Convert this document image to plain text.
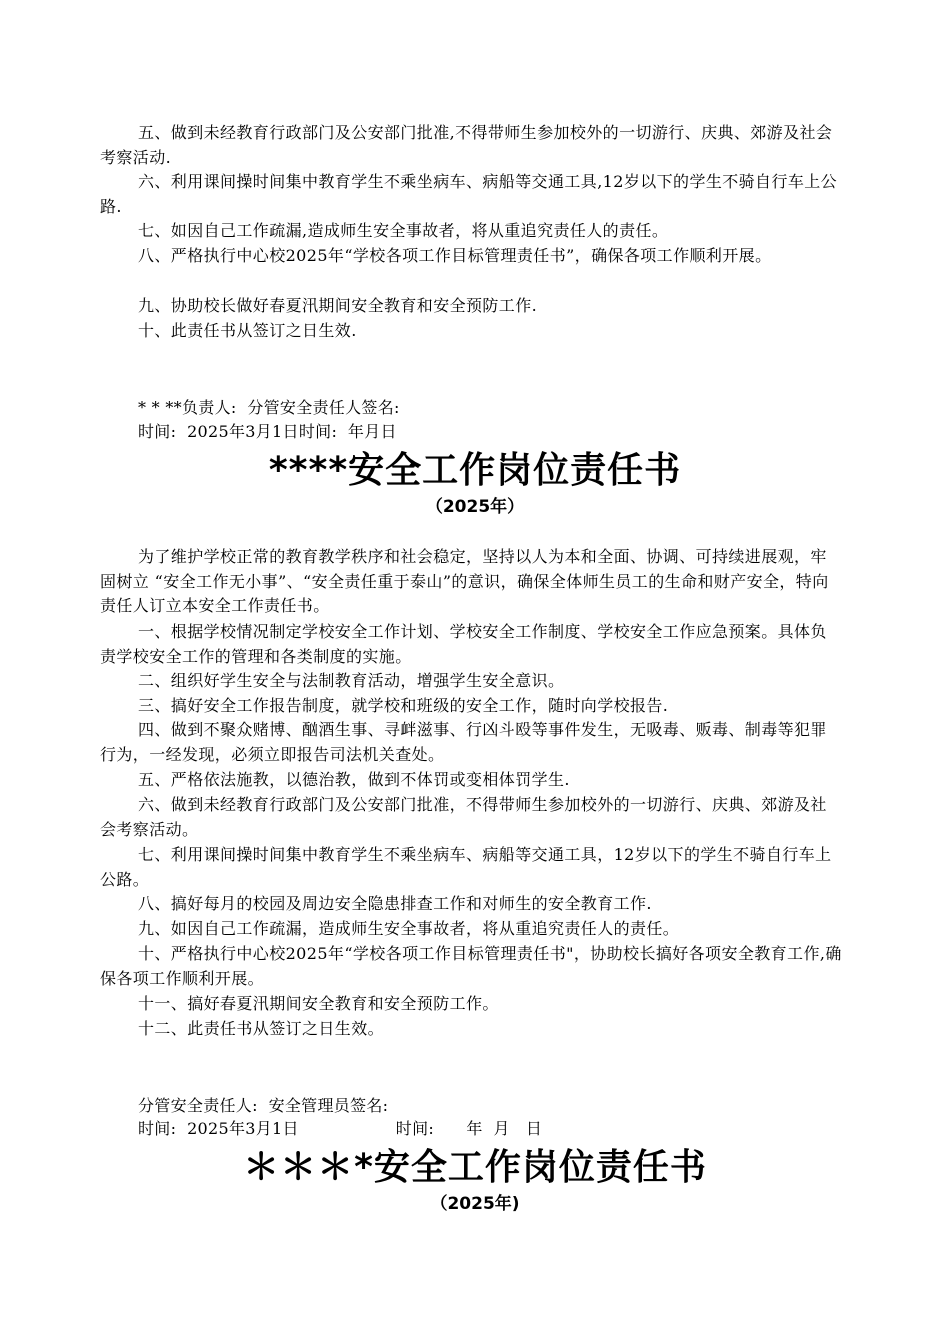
五、做到未经教育行政部门及公安部门批准,不得带师生参加校外的一切游行、庆典、郊游及社会考察活动.

六、利用课间操时间集中教育学生不乘坐病车、病船等交通工具,12岁以下的学生不骑自行车上公路.

七、如因自己工作疏漏,造成师生安全事故者，将从重追究责任人的责任。

八、严格执行中心校2025年“学校各项工作目标管理责任书”，确保各项工作顺利开展。

九、协助校长做好春夏汛期间安全教育和安全预防工作.

十、此责任书从签订之日生效.

* * **负责人:  分管安全责任人签名:
时间:  2025年3月1日时间:  年月日
****安全工作岗位责任书
（2025年）

为了维护学校正常的教育教学秩序和社会稳定，坚持以人为本和全面、协调、可持续进展观，牢固树立 “安全工作无小事”、“安全责任重于泰山”的意识，确保全体师生员工的生命和财产安全，特向责任人订立本安全工作责任书。

一、根据学校情况制定学校安全工作计划、学校安全工作制度、学校安全工作应急预案。具体负责学校安全工作的管理和各类制度的实施。

二、组织好学生安全与法制教育活动，增强学生安全意识。

三、搞好安全工作报告制度，就学校和班级的安全工作，随时向学校报告.

四、做到不聚众赌博、酗酒生事、寻衅滋事、行凶斗殴等事件发生，无吸毒、贩毒、制毒等犯罪行为，一经发现，必须立即报告司法机关查处。

五、严格依法施教，以德治教，做到不体罚或变相体罚学生.

六、做到未经教育行政部门及公安部门批准，不得带师生参加校外的一切游行、庆典、郊游及社会考察活动。

七、利用课间操时间集中教育学生不乘坐病车、病船等交通工具，12岁以下的学生不骑自行车上公路。

八、搞好每月的校园及周边安全隐患排查工作和对师生的安全教育工作.

九、如因自己工作疏漏，造成师生安全事故者，将从重追究责任人的责任。

十、严格执行中心校2025年“学校各项工作目标管理责任书"，协助校长搞好各项安全教育工作,确保各项工作顺利开展。

十一、搞好春夏汛期间安全教育和安全预防工作。

十二、此责任书从签订之日生效。

分管安全责任人:  安全管理员签名:
时间:  2025年3月1日                  时间:      年  月   日
＊＊＊*安全工作岗位责任书
（2025年)
